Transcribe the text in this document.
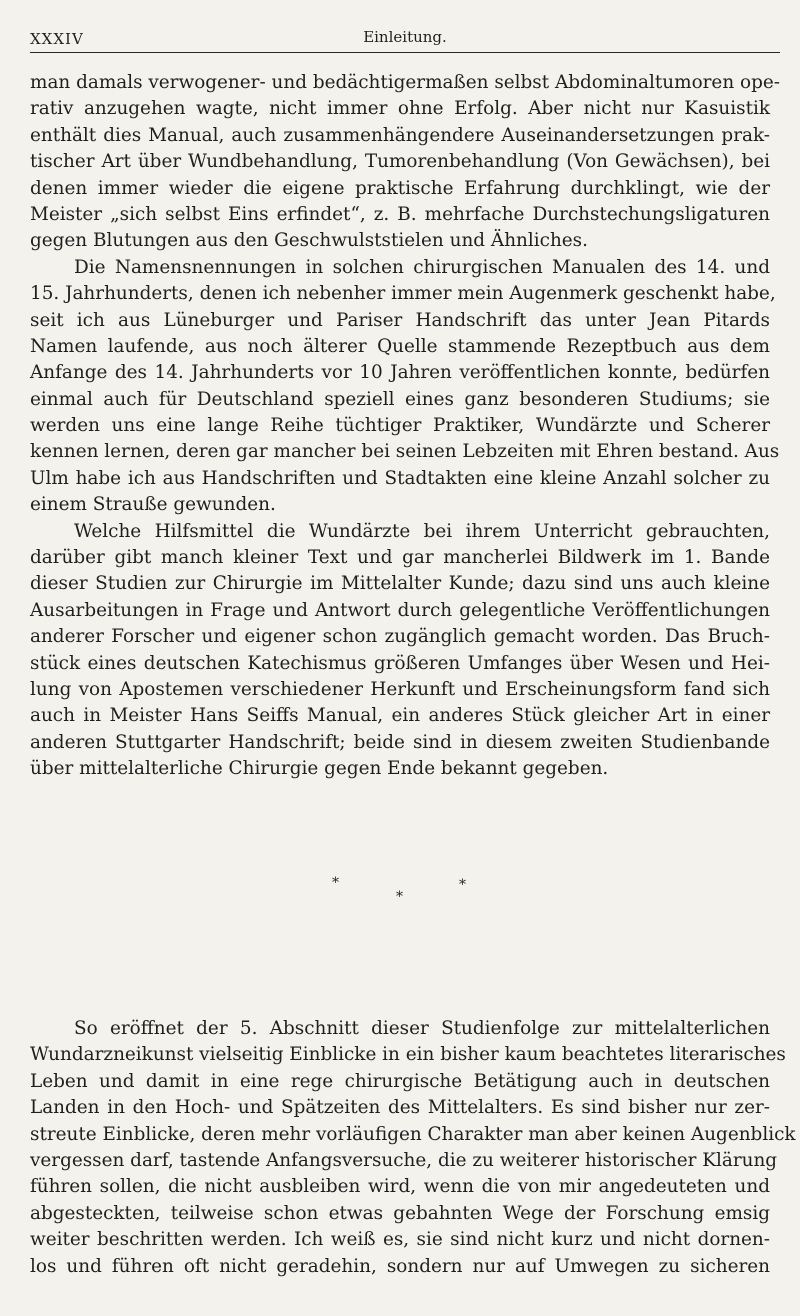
XXXIV	Einleitung.
man damals verwogener- und bedächtigermaßen selbst Abdominaltumoren ope-
rativ anzugehen wagte, nicht immer ohne Erfolg. Aber nicht nur Kasuistik
enthält dies Manual, auch zusammenhängendere Auseinandersetzungen prak-
tischer Art über Wundbehandlung, Tumorenbehandlung (Von Gewächsen), bei
denen immer wieder die eigene praktische Erfahrung durchklingt, wie der
Meister „sich selbst Eins erfindet“, z. B. mehrfache Durchstechungsligaturen
gegen Blutungen aus den Geschwulststielen und Ähnliches.
Die Namensnennungen in solchen chirurgischen Manualen des 14. und
15. Jahrhunderts, denen ich nebenher immer mein Augenmerk geschenkt habe,
seit ich aus Lüneburger und Pariser Handschrift das unter Jean Pitards
Namen laufende, aus noch älterer Quelle stammende Rezeptbuch aus dem
Anfange des 14. Jahrhunderts vor 10 Jahren veröffentlichen konnte, bedürfen
einmal auch für Deutschland speziell eines ganz besonderen Studiums; sie
werden uns eine lange Reihe tüchtiger Praktiker, Wundärzte und Scherer
kennen lernen, deren gar mancher bei seinen Lebzeiten mit Ehren bestand. Aus
Ulm habe ich aus Handschriften und Stadtakten eine kleine Anzahl solcher zu
einem Strauße gewunden.
Welche Hilfsmittel die Wundärzte bei ihrem Unterricht gebrauchten,
darüber gibt manch kleiner Text und gar mancherlei Bildwerk im 1. Bande
dieser Studien zur Chirurgie im Mittelalter Kunde; dazu sind uns auch kleine
Ausarbeitungen in Frage und Antwort durch gelegentliche Veröffentlichungen
anderer Forscher und eigener schon zugänglich gemacht worden. Das Bruch-
stück eines deutschen Katechismus größeren Umfanges über Wesen und Hei-
lung von Apostemen verschiedener Herkunft und Erscheinungsform fand sich
auch in Meister Hans Seiffs Manual, ein anderes Stück gleicher Art in einer
anderen Stuttgarter Handschrift; beide sind in diesem zweiten Studienbande
über mittelalterliche Chirurgie gegen Ende bekannt gegeben.
*
*
*
So eröffnet der 5. Abschnitt dieser Studienfolge zur mittelalterlichen
Wundarzneikunst vielseitig Einblicke in ein bisher kaum beachtetes literarisches
Leben und damit in eine rege chirurgische Betätigung auch in deutschen
Landen in den Hoch- und Spätzeiten des Mittelalters. Es sind bisher nur zer-
streute Einblicke, deren mehr vorläufigen Charakter man aber keinen Augenblick
vergessen darf, tastende Anfangsversuche, die zu weiterer historischer Klärung
führen sollen, die nicht ausbleiben wird, wenn die von mir angedeuteten und
abgesteckten, teilweise schon etwas gebahnten Wege der Forschung emsig
weiter beschritten werden. Ich weiß es, sie sind nicht kurz und nicht dornen-
los und führen oft nicht geradehin, sondern nur auf Umwegen zu sicheren
